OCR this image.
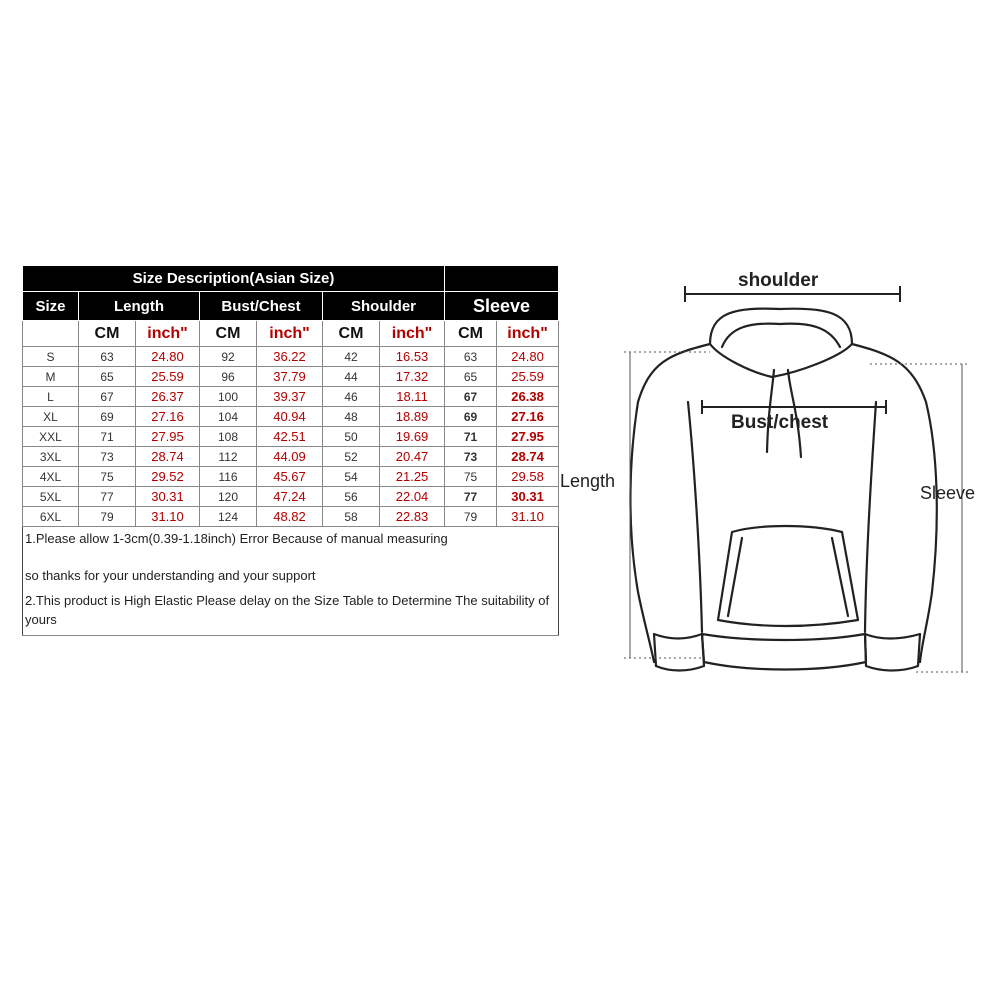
Size Description(Asian Size)								
Size	Length		Bust/Chest		Shoulder		Sleeve	
	CM	inch"	CM	inch"	CM	inch"	CM	inch"
S	63	24.80	92	36.22	42	16.53	63	24.80
M	65	25.59	96	37.79	44	17.32	65	25.59
L	67	26.37	100	39.37	46	18.11	67	26.38
XL	69	27.16	104	40.94	48	18.89	69	27.16
XXL	71	27.95	108	42.51	50	19.69	71	27.95
3XL	73	28.74	112	44.09	52	20.47	73	28.74
4XL	75	29.52	116	45.67	54	21.25	75	29.58
5XL	77	30.31	120	47.24	56	22.04	77	30.31
6XL	79	31.10	124	48.82	58	22.83	79	31.10
1.Please allow 1-3cm(0.39-1.18inch) Error Because of manual measuring								
so thanks for your understanding and your support								
2.This product is High Elastic Please delay on the Size Table to Determine The suitability of yours								
shoulder
Bust/chest
Length
Sleeve
